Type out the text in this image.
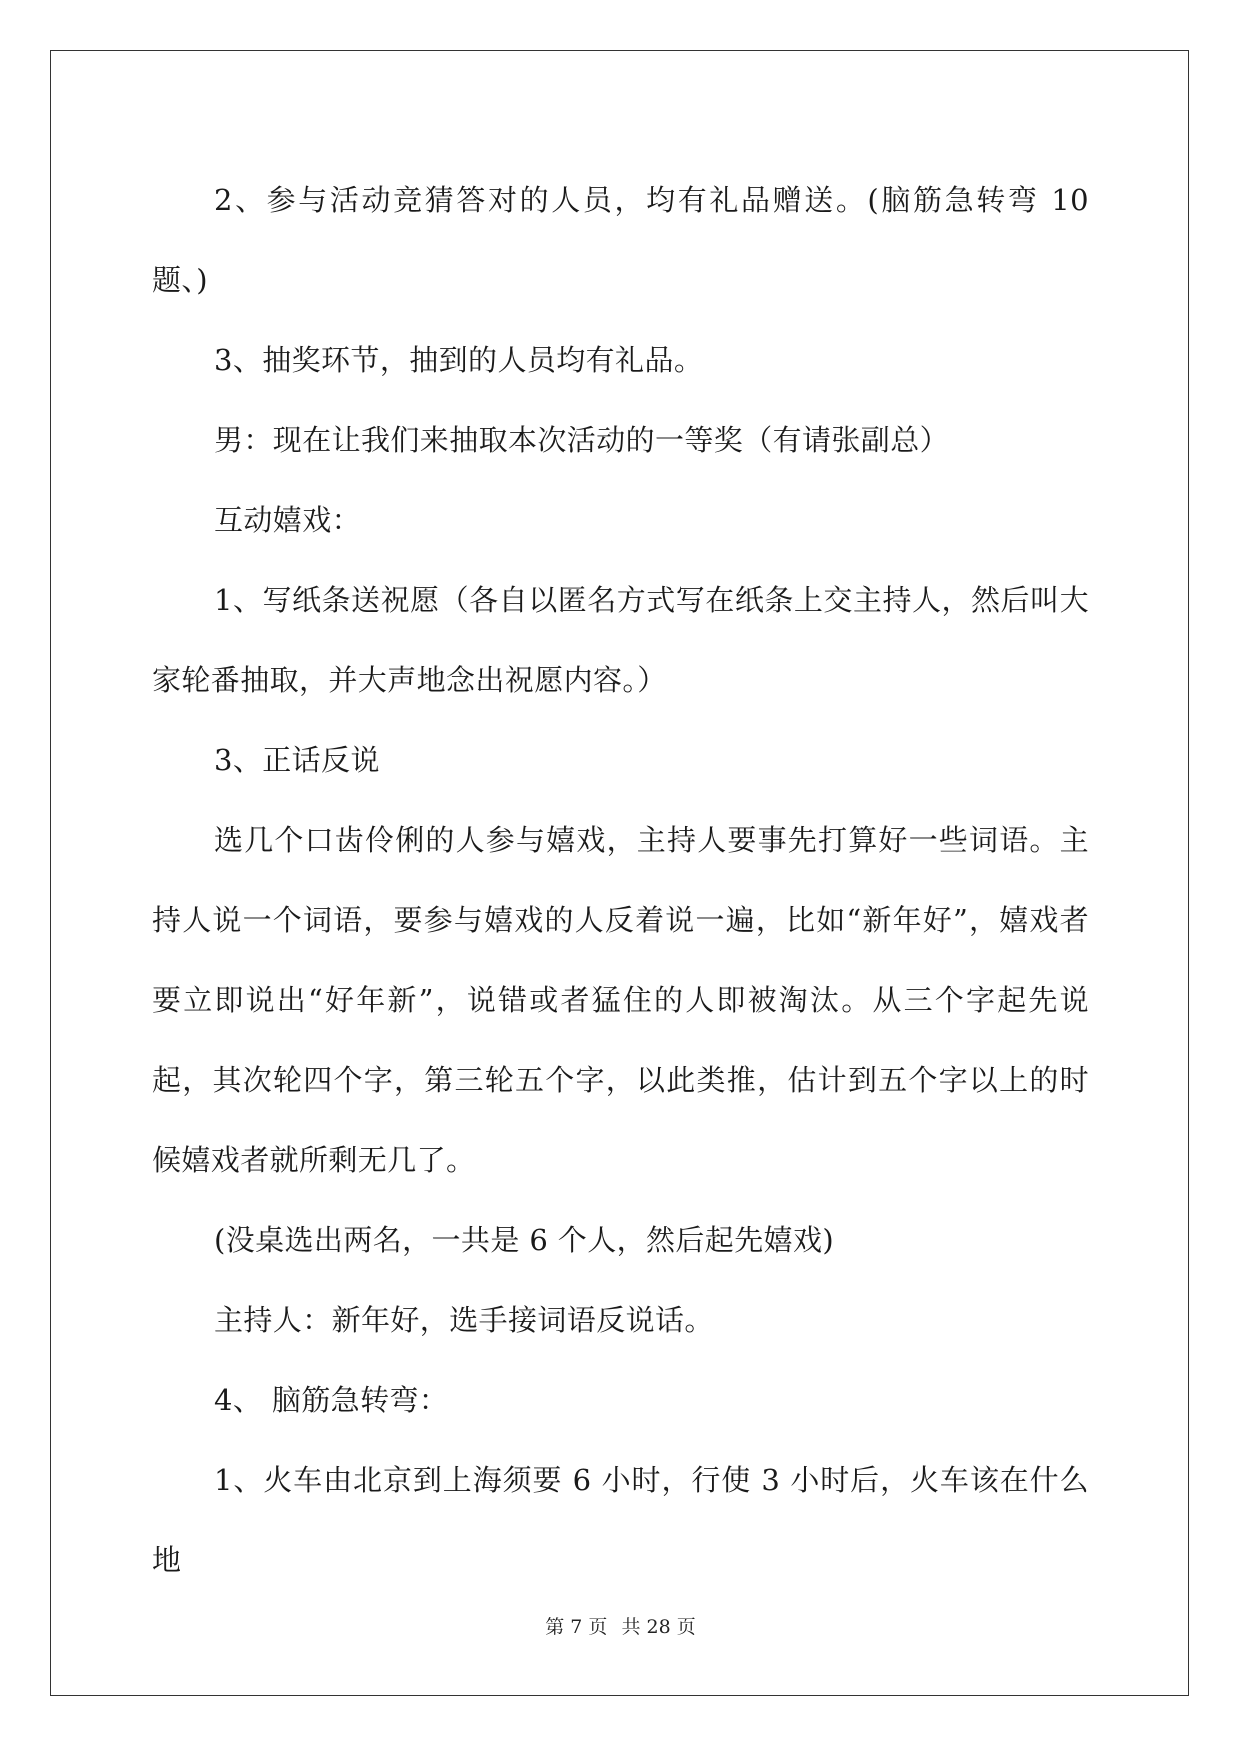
2、参与活动竞猜答对的人员，均有礼品赠送。(脑筋急转弯 10 题、)

3、抽奖环节，抽到的人员均有礼品。

男：现在让我们来抽取本次活动的一等奖（有请张副总）

互动嬉戏：

1、写纸条送祝愿（各自以匿名方式写在纸条上交主持人，然后叫大家轮番抽取，并大声地念出祝愿内容。）

3、正话反说

选几个口齿伶俐的人参与嬉戏，主持人要事先打算好一些词语。主持人说一个词语，要参与嬉戏的人反着说一遍，比如“新年好”，嬉戏者要立即说出“好年新”，说错或者猛住的人即被淘汰。从三个字起先说起，其次轮四个字，第三轮五个字，以此类推，估计到五个字以上的时候嬉戏者就所剩无几了。

(没桌选出两名，一共是 6 个人，然后起先嬉戏)

主持人：新年好，选手接词语反说话。

4、 脑筋急转弯：

1、火车由北京到上海须要 6 小时，行使 3 小时后，火车该在什么地

第 7 页 共 28 页
